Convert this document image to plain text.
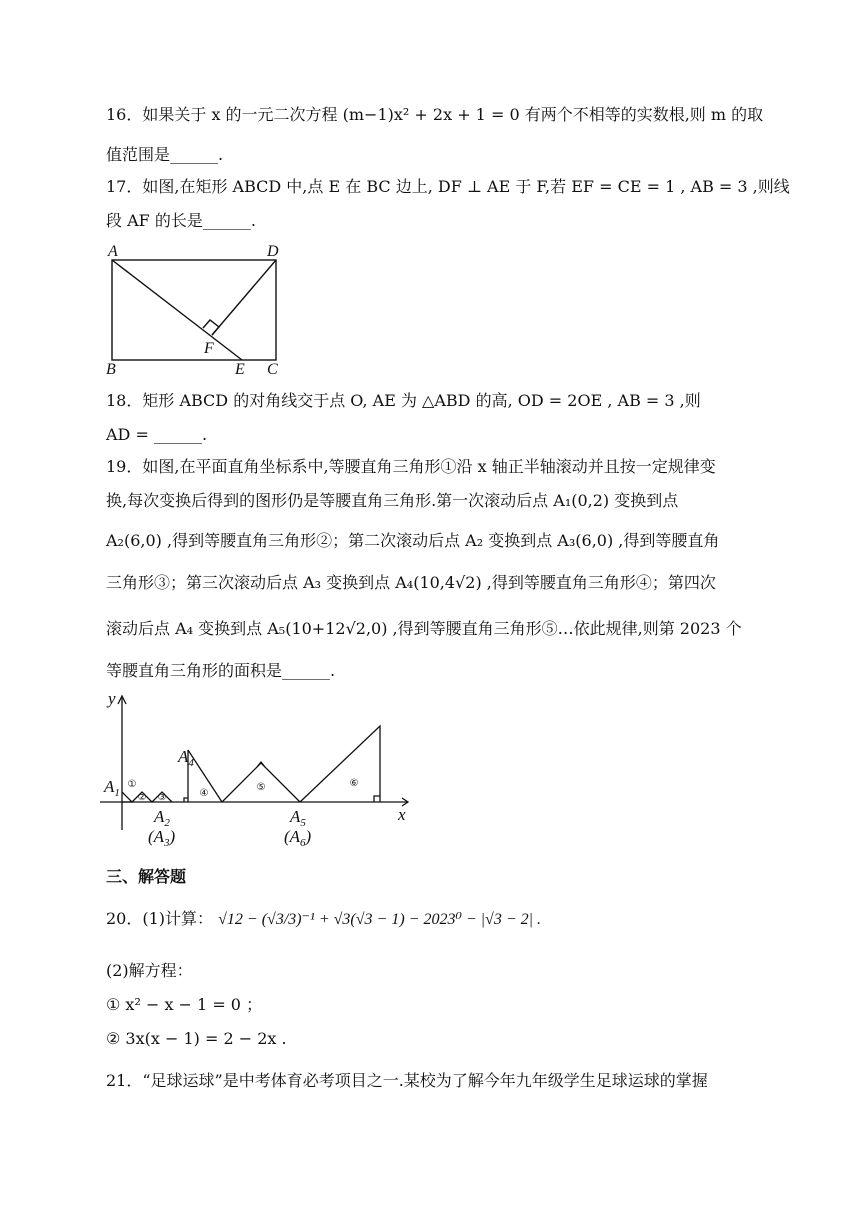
16．如果关于 x 的一元二次方程 (m−1)x² + 2x + 1 = 0 有两个不相等的实数根,则 m 的取
值范围是______.
17．如图,在矩形 ABCD 中,点 E 在 BC 边上, DF ⊥ AE 于 F,若 EF = CE = 1 , AB = 3 ,则线
段 AF 的长是______.
A	D
B	C
E
F
18．矩形 ABCD 的对角线交于点 O, AE 为 △ABD 的高, OD = 2OE , AB = 3 ,则
AD = ______.
19．如图,在平面直角坐标系中,等腰直角三角形①沿 x 轴正半轴滚动并且按一定规律变
换,每次变换后得到的图形仍是等腰直角三角形.第一次滚动后点 A₁(0,2) 变换到点
A₂(6,0) ,得到等腰直角三角形②；第二次滚动后点 A₂ 变换到点 A₃(6,0) ,得到等腰直角
三角形③；第三次滚动后点 A₃ 变换到点 A₄(10,4√2) ,得到等腰直角三角形④；第四次
滚动后点 A₄ 变换到点 A₅(10+12√2,0) ,得到等腰直角三角形⑤…依此规律,则第 2023 个
等腰直角三角形的面积是______.
①
② ③	④
⑤	⑥
y
x
$A_1$
$A_2$
$(A_3)$
$A_4$
$A_5$
$(A_6)$
三、解答题
20．(1)计算： √12 − (√3/3)⁻¹ + √3(√3 − 1) − 2023⁰ − |√3 − 2| .
(2)解方程：
① x² − x − 1 = 0 ；
② 3x(x − 1) = 2 − 2x .
21．“足球运球”是中考体育必考项目之一.某校为了解今年九年级学生足球运球的掌握
